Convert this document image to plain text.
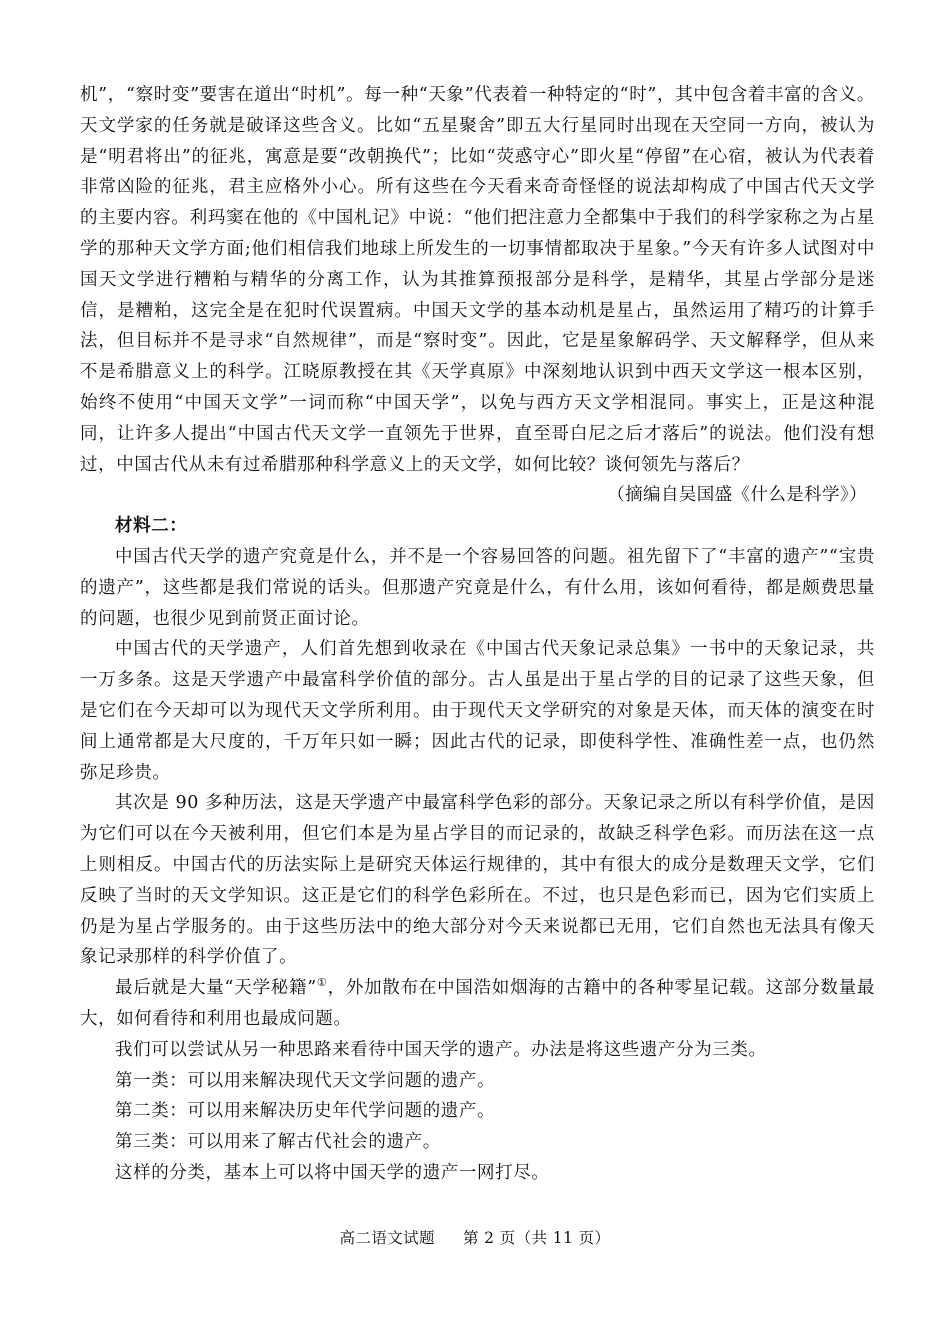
机”，“察时变”要害在道出“时机”。每一种“天象”代表着一种特定的“时”，其中包含着丰富的含义。天文学家的任务就是破译这些含义。比如“五星聚舍”即五大行星同时出现在天空同一方向，被认为是“明君将出”的征兆，寓意是要“改朝换代”；比如“荧惑守心”即火星“停留”在心宿，被认为代表着非常凶险的征兆，君主应格外小心。所有这些在今天看来奇奇怪怪的说法却构成了中国古代天文学的主要内容。利玛窦在他的《中国札记》中说：“他们把注意力全都集中于我们的科学家称之为占星学的那种天文学方面;他们相信我们地球上所发生的一切事情都取决于星象。”今天有许多人试图对中国天文学进行糟粕与精华的分离工作，认为其推算预报部分是科学，是精华，其星占学部分是迷信，是糟粕，这完全是在犯时代误置病。中国天文学的基本动机是星占，虽然运用了精巧的计算手法，但目标并不是寻求“自然规律”，而是“察时变”。因此，它是星象解码学、天文解释学，但从来不是希腊意义上的科学。江晓原教授在其《天学真原》中深刻地认识到中西天文学这一根本区别，始终不使用“中国天文学”一词而称“中国天学”，以免与西方天文学相混同。事实上，正是这种混同，让许多人提出“中国古代天文学一直领先于世界，直至哥白尼之后才落后”的说法。他们没有想过，中国古代从未有过希腊那种科学意义上的天文学，如何比较？谈何领先与落后？

（摘编自吴国盛《什么是科学》）

材料二：

中国古代天学的遗产究竟是什么，并不是一个容易回答的问题。祖先留下了“丰富的遗产”“宝贵的遗产”，这些都是我们常说的话头。但那遗产究竟是什么，有什么用，该如何看待，都是颇费思量的问题，也很少见到前贤正面讨论。

中国古代的天学遗产，人们首先想到收录在《中国古代天象记录总集》一书中的天象记录，共一万多条。这是天学遗产中最富科学价值的部分。古人虽是出于星占学的目的记录了这些天象，但是它们在今天却可以为现代天文学所利用。由于现代天文学研究的对象是天体，而天体的演变在时间上通常都是大尺度的，千万年只如一瞬；因此古代的记录，即使科学性、准确性差一点，也仍然弥足珍贵。

其次是 90 多种历法，这是天学遗产中最富科学色彩的部分。天象记录之所以有科学价值，是因为它们可以在今天被利用，但它们本是为星占学目的而记录的，故缺乏科学色彩。而历法在这一点上则相反。中国古代的历法实际上是研究天体运行规律的，其中有很大的成分是数理天文学，它们反映了当时的天文学知识。这正是它们的科学色彩所在。不过，也只是色彩而已，因为它们实质上仍是为星占学服务的。由于这些历法中的绝大部分对今天来说都已无用，它们自然也无法具有像天象记录那样的科学价值了。

最后就是大量“天学秘籍”①，外加散布在中国浩如烟海的古籍中的各种零星记载。这部分数量最大，如何看待和利用也最成问题。

我们可以尝试从另一种思路来看待中国天学的遗产。办法是将这些遗产分为三类。

第一类：可以用来解决现代天文学问题的遗产。

第二类：可以用来解决历史年代学问题的遗产。

第三类：可以用来了解古代社会的遗产。

这样的分类，基本上可以将中国天学的遗产一网打尽。

高二语文试题 第 2 页（共 11 页）
